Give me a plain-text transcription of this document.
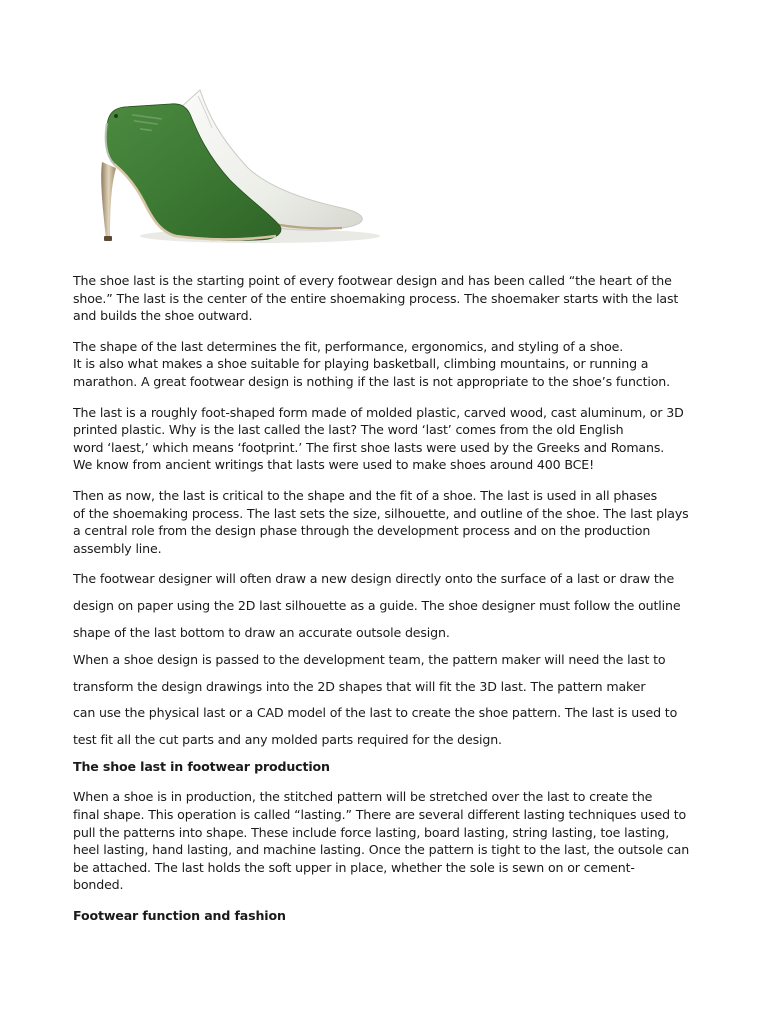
The shoe last is the starting point of every footwear design and has been called “the heart of the
shoe.” The last is the center of the entire shoemaking process. The shoemaker starts with the last
and builds the shoe outward.
The shape of the last determines the fit, performance, ergonomics, and styling of a shoe.
It is also what makes a shoe suitable for playing basketball, climbing mountains, or running a
marathon. A great footwear design is nothing if the last is not appropriate to the shoe’s function.
The last is a roughly foot-shaped form made of molded plastic, carved wood, cast aluminum, or 3D
printed plastic. Why is the last called the last? The word ‘last’ comes from the old English
word ‘laest,’ which means ‘footprint.’ The first shoe lasts were used by the Greeks and Romans.
We know from ancient writings that lasts were used to make shoes around 400 BCE!
Then as now, the last is critical to the shape and the fit of a shoe. The last is used in all phases
of the shoemaking process. The last sets the size, silhouette, and outline of the shoe. The last plays
a central role from the design phase through the development process and on the production
assembly line.
The footwear designer will often draw a new design directly onto the surface of a last or draw the
design on paper using the 2D last silhouette as a guide. The shoe designer must follow the outline
shape of the last bottom to draw an accurate outsole design.
When a shoe design is passed to the development team, the pattern maker will need the last to
transform the design drawings into the 2D shapes that will fit the 3D last. The pattern maker
can use the physical last or a CAD model of the last to create the shoe pattern. The last is used to
test fit all the cut parts and any molded parts required for the design.
The shoe last in footwear production
When a shoe is in production, the stitched pattern will be stretched over the last to create the
final shape. This operation is called “lasting.” There are several different lasting techniques used to
pull the patterns into shape. These include force lasting, board lasting, string lasting, toe lasting,
heel lasting, hand lasting, and machine lasting. Once the pattern is tight to the last, the outsole can
be attached. The last holds the soft upper in place, whether the sole is sewn on or cement-
bonded.
Footwear function and fashion
